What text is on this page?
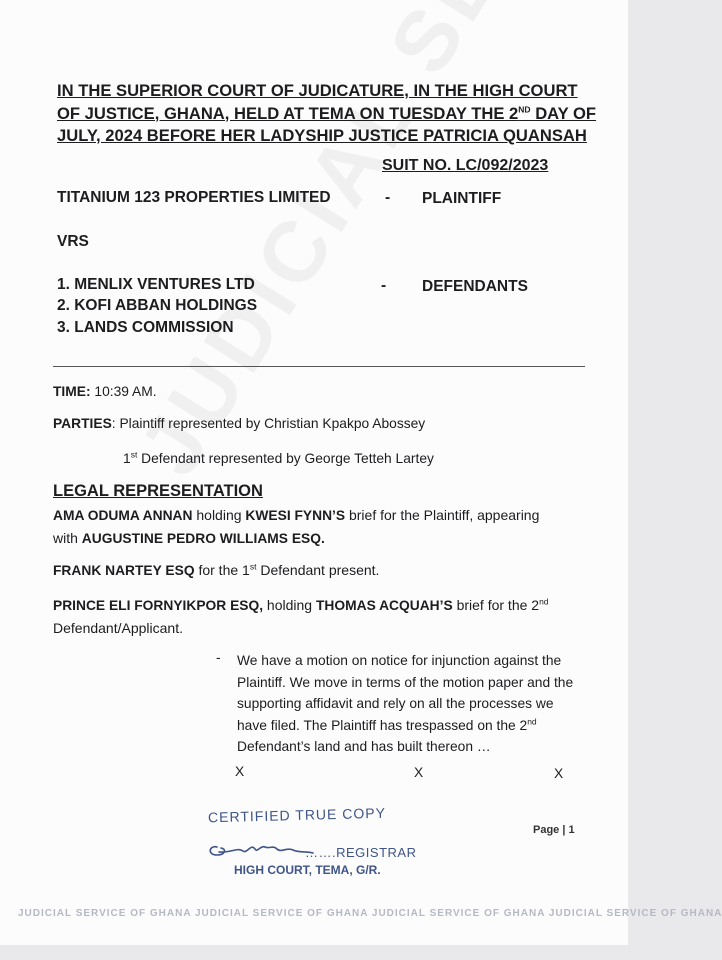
IN THE SUPERIOR COURT OF JUDICATURE, IN THE HIGH COURT
OF JUSTICE, GHANA, HELD AT TEMA ON TUESDAY THE 2ND DAY OF
JULY, 2024 BEFORE HER LADYSHIP JUSTICE PATRICIA QUANSAH
SUIT NO. LC/092/2023
TITANIUM 123 PROPERTIES LIMITED	- PLAINTIFF
VRS
1. MENLIX VENTURES LTD
2. KOFI ABBAN HOLDINGS
3. LANDS COMMISSION
- DEFENDANTS
TIME: 10:39 AM.
PARTIES: Plaintiff represented by Christian Kpakpo Abossey
1st Defendant represented by George Tetteh Lartey
LEGAL REPRESENTATION
AMA ODUMA ANNAN holding KWESI FYNN’S brief for the Plaintiff, appearing
with AUGUSTINE PEDRO WILLIAMS ESQ.
FRANK NARTEY ESQ for the 1st Defendant present.
PRINCE ELI FORNYIKPOR ESQ, holding THOMAS ACQUAH’S brief for the 2nd
Defendant/Applicant.
- We have a motion on notice for injunction against the Plaintiff. We move in terms of the motion paper and the supporting affidavit and rely on all the processes we have filed. The Plaintiff has trespassed on the 2nd Defendant’s land and has built thereon …
X	X	X
CERTIFIED TRUE COPY
Page | 1
…….REGISTRAR
HIGH COURT, TEMA, G/R.
JUDICIAL SERVICE OF GHANA JUDICIAL SERVICE OF GHANA JUDICIAL SERVICE OF GHANA JUDICIAL SERVICE OF GHANA
